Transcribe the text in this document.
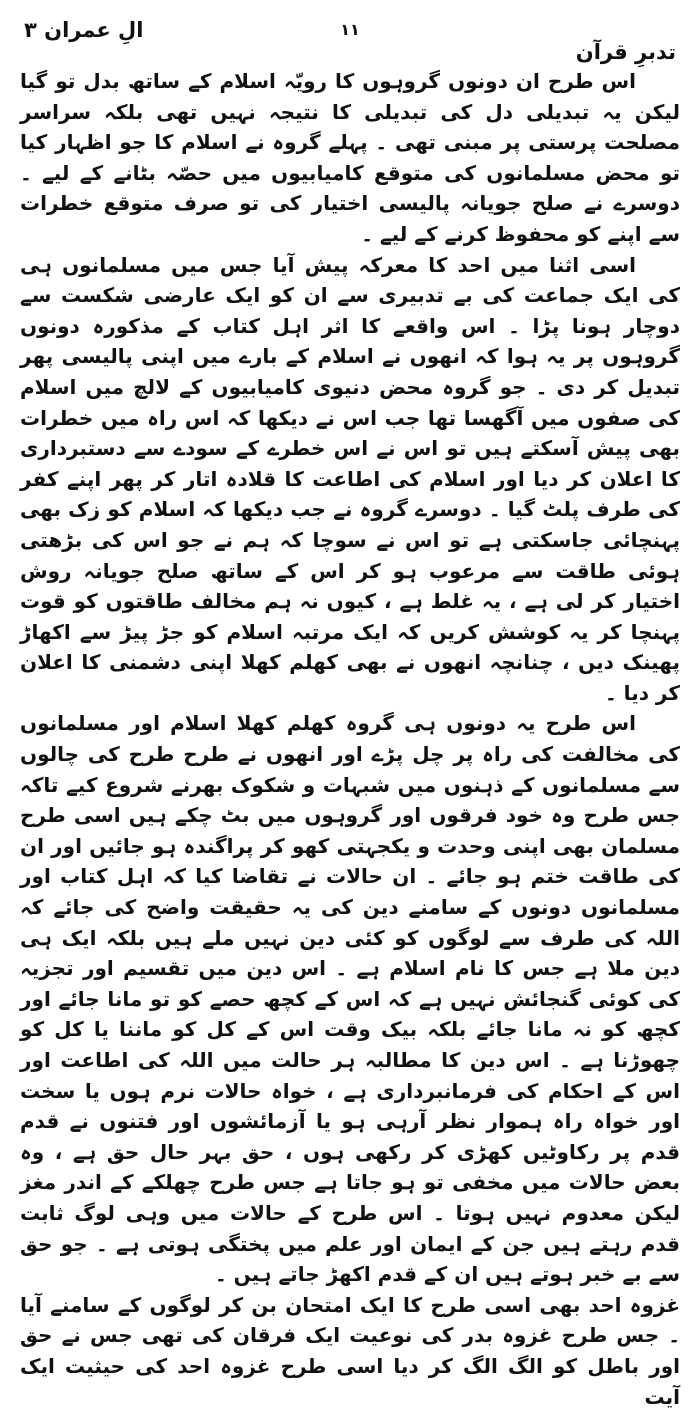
تدبرِ قرآن
۱۱
الِ عمران ۳

اس طرح ان دونوں گروہوں کا رویّہ اسلام کے ساتھ بدل تو گیا لیکن یہ تبدیلی دل کی تبدیلی کا نتیجہ نہیں تھی بلکہ سراسر مصلحت پرستی پر مبنی تھی ۔ پہلے گروہ نے اسلام کا جو اظہار کیا تو محض مسلمانوں کی متوقع کامیابیوں میں حصّہ بٹانے کے لیے ۔ دوسرے نے صلح جویانہ پالیسی اختیار کی تو صرف متوقع خطرات سے اپنے کو محفوظ کرنے کے لیے ۔

اسی اثنا میں احد کا معرکہ پیش آیا جس میں مسلمانوں ہی کی ایک جماعت کی بے تدبیری سے ان کو ایک عارضی شکست سے دوچار ہونا پڑا ۔ اس واقعے کا اثر اہل کتاب کے مذکورہ دونوں گروہوں پر یہ ہوا کہ انھوں نے اسلام کے بارے میں اپنی پالیسی پھر تبدیل کر دی ۔ جو گروہ محض دنیوی کامیابیوں کے لالچ میں اسلام کی صفوں میں آگھسا تھا جب اس نے دیکھا کہ اس راہ میں خطرات بھی پیش آسکتے ہیں تو اس نے اس خطرے کے سودے سے دستبرداری کا اعلان کر دیا اور اسلام کی اطاعت کا قلادہ اتار کر پھر اپنے کفر کی طرف پلٹ گیا ۔ دوسرے گروہ نے جب دیکھا کہ اسلام کو زک بھی پہنچائی جاسکتی ہے تو اس نے سوچا کہ ہم نے جو اس کی بڑھتی ہوئی طاقت سے مرعوب ہو کر اس کے ساتھ صلح جویانہ روش اختیار کر لی ہے ، یہ غلط ہے ، کیوں نہ ہم مخالف طاقتوں کو قوت پہنچا کر یہ کوشش کریں کہ ایک مرتبہ اسلام کو جڑ پیڑ سے اکھاڑ پھینک دیں ، چنانچہ انھوں نے بھی کھلم کھلا اپنی دشمنی کا اعلان کر دیا ۔

اس طرح یہ دونوں ہی گروہ کھلم کھلا اسلام اور مسلمانوں کی مخالفت کی راہ پر چل پڑے اور انھوں نے طرح طرح کی چالوں سے مسلمانوں کے ذہنوں میں شبہات و شکوک بھرنے شروع کیے تاکہ جس طرح وہ خود فرقوں اور گروہوں میں بٹ چکے ہیں اسی طرح مسلمان بھی اپنی وحدت و یکجہتی کھو کر پراگندہ ہو جائیں اور ان کی طاقت ختم ہو جائے ۔ ان حالات نے تقاضا کیا کہ اہل کتاب اور مسلمانوں دونوں کے سامنے دین کی یہ حقیقت واضح کی جائے کہ اللہ کی طرف سے لوگوں کو کئی دین نہیں ملے ہیں بلکہ ایک ہی دین ملا ہے جس کا نام اسلام ہے ۔ اس دین میں تقسیم اور تجزیہ کی کوئی گنجائش نہیں ہے کہ اس کے کچھ حصے کو تو مانا جائے اور کچھ کو نہ مانا جائے بلکہ بیک وقت اس کے کل کو ماننا یا کل کو چھوڑنا ہے ۔ اس دین کا مطالبہ ہر حالت میں اللہ کی اطاعت اور اس کے احکام کی فرمانبرداری ہے ، خواہ حالات نرم ہوں یا سخت اور خواہ راہ ہموار نظر آرہی ہو یا آزمائشوں اور فتنوں نے قدم قدم پر رکاوٹیں کھڑی کر رکھی ہوں ، حق بہر حال حق ہے ، وہ بعض حالات میں مخفی تو ہو جاتا ہے جس طرح چھلکے کے اندر مغز لیکن معدوم نہیں ہوتا ۔ اس طرح کے حالات میں وہی لوگ ثابت قدم رہتے ہیں جن کے ایمان اور علم میں پختگی ہوتی ہے ۔ جو حق سے بے خبر ہوتے ہیں ان کے قدم اکھڑ جاتے ہیں ۔

غزوہ احد بھی اسی طرح کا ایک امتحان بن کر لوگوں کے سامنے آیا ۔ جس طرح غزوہ بدر کی نوعیت ایک فرقان کی تھی جس نے حق اور باطل کو الگ الگ کر دیا اسی طرح غزوہ احد کی حیثیت ایک آیت
